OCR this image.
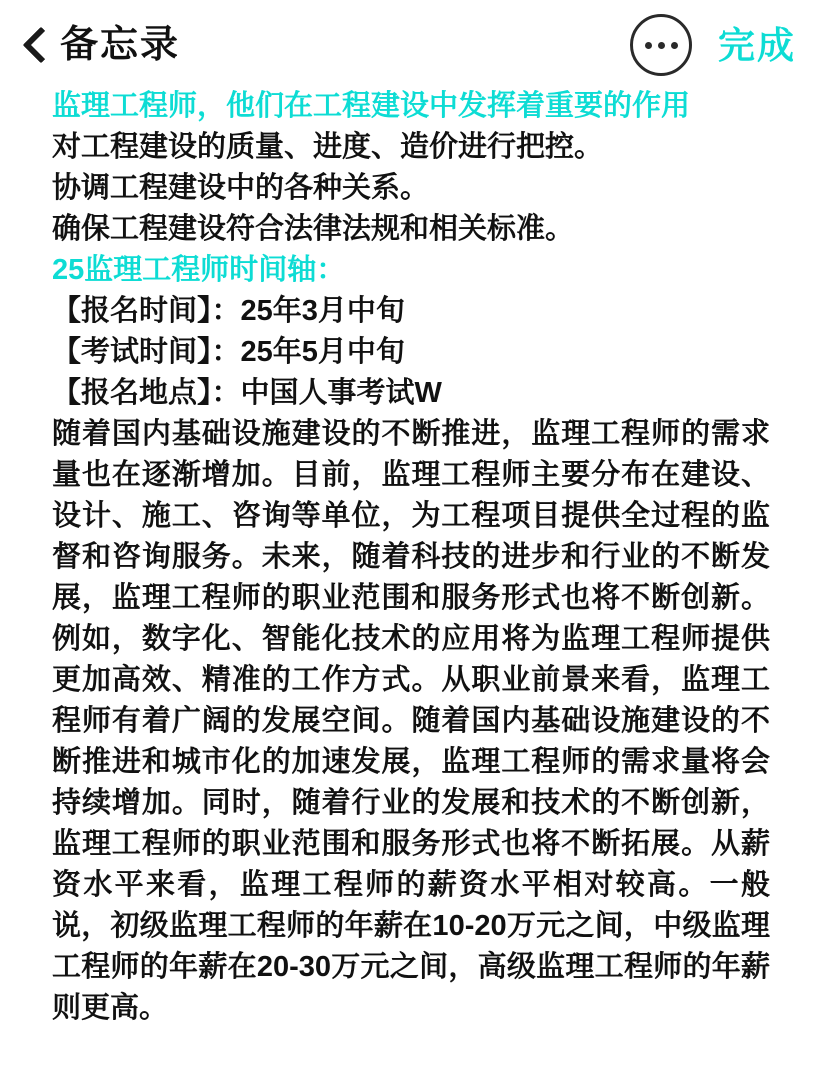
备忘录	完成

监理工程师，他们在工程建设中发挥着重要的作用

对工程建设的质量、进度、造价进行把控。

协调工程建设中的各种关系。

确保工程建设符合法律法规和相关标准。

25监理工程师时间轴：

【报名时间】：25年3月中旬

【考试时间】：25年5月中旬

【报名地点】：中国人事考试W

随着国内基础设施建设的不断推进，监理工程师的需求量也在逐渐增加。目前，监理工程师主要分布在建设、设计、施工、咨询等单位，为工程项目提供全过程的监督和咨询服务。未来，随着科技的进步和行业的不断发展，监理工程师的职业范围和服务形式也将不断创新。例如，数字化、智能化技术的应用将为监理工程师提供更加高效、精准的工作方式。从职业前景来看，监理工程师有着广阔的发展空间。随着国内基础设施建设的不断推进和城市化的加速发展，监理工程师的需求量将会持续增加。同时，随着行业的发展和技术的不断创新，监理工程师的职业范围和服务形式也将不断拓展。从薪资水平来看，监理工程师的薪资水平相对较高。一般说，初级监理工程师的年薪在10-20万元之间，中级监理工程师的年薪在20-30万元之间，高级监理工程师的年薪则更高。
